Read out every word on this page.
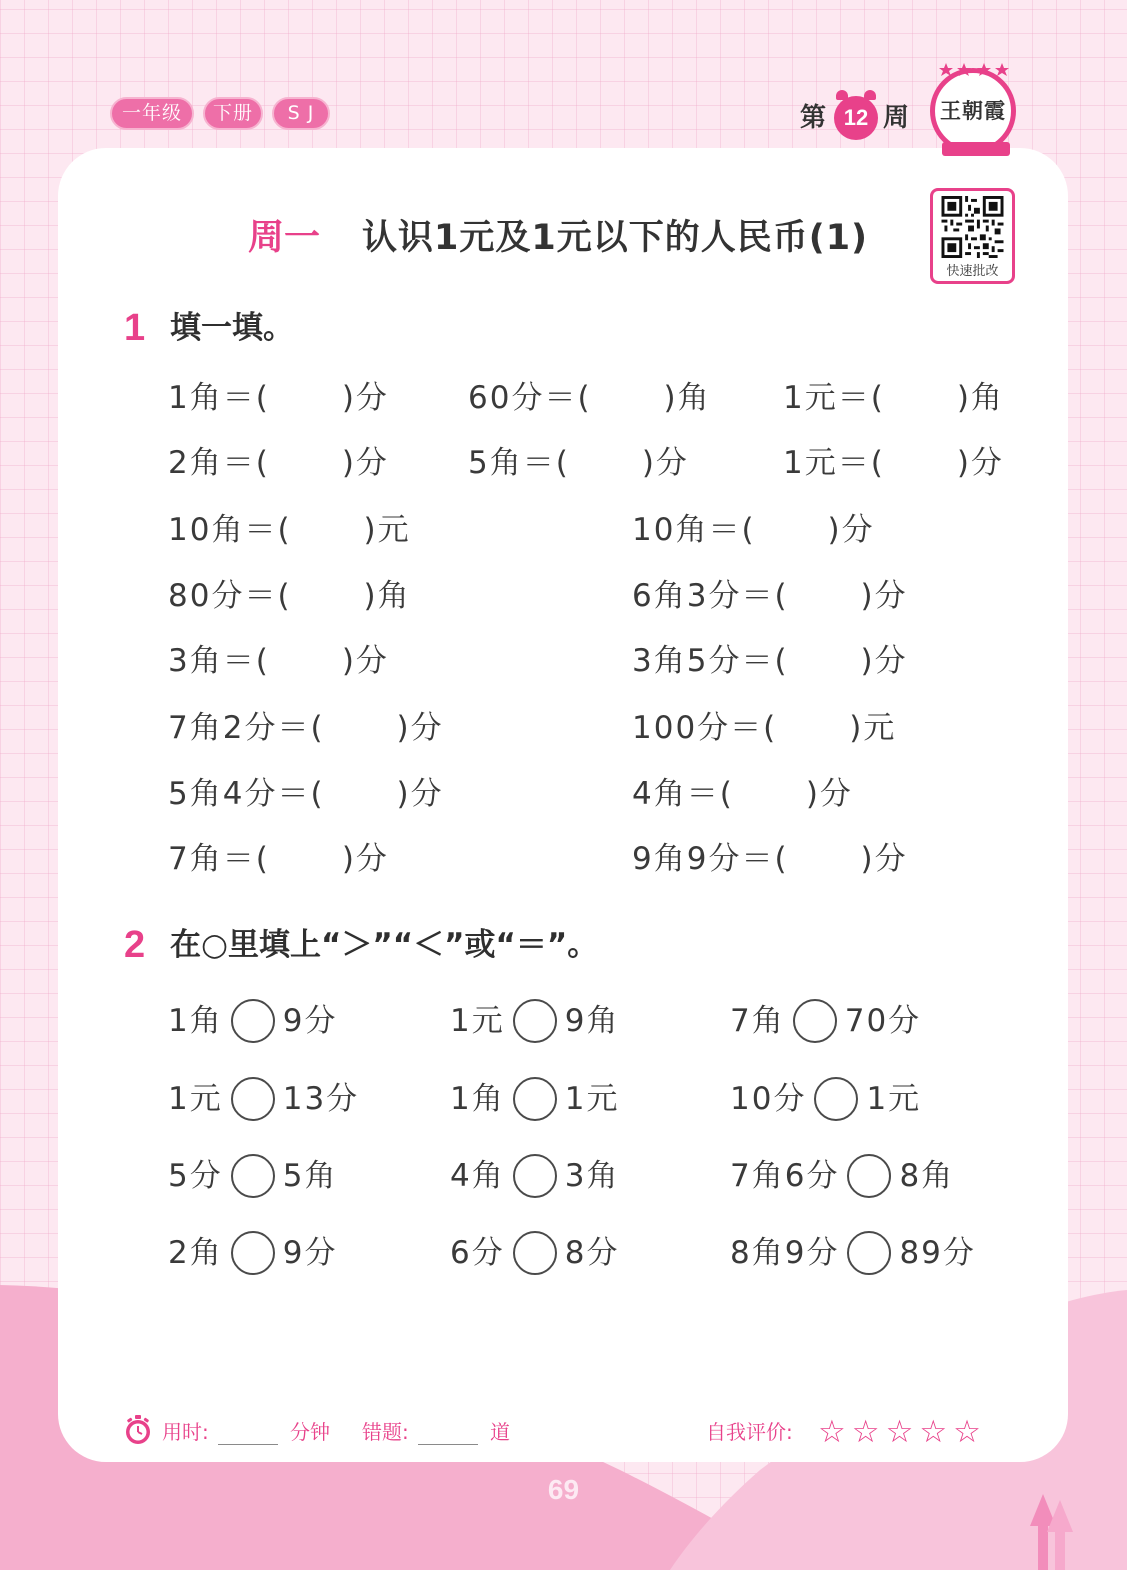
一年级	下册	S J	第 12 周 王朝霞
周一 认识1元及1元以下的人民币(1)
快速批改
1 填一填。
1角＝( )分	60分＝( )角 1元＝( )角
2角＝( )分	5角＝( )分	1元＝( )分
10角＝( )元	10角＝( )分
80分＝( )角	6角3分＝( )分
3角＝( )分	3角5分＝( )分
7角2分＝( )分	100分＝( )元
5角4分＝( )分	4角＝( )分
7角＝( )分	9角9分＝( )分
2 在○里填上“＞”“＜”或“＝”。
1角 9分	1元 9角	7角 70分
1元 13分	1角 1元	10分 1元
5分 5角	4角 3角	7角6分 8角
2角 9分	6分 8分	8角9分 89分
用时:	分钟 错题:	道	自我评价: ☆☆☆☆☆
69
